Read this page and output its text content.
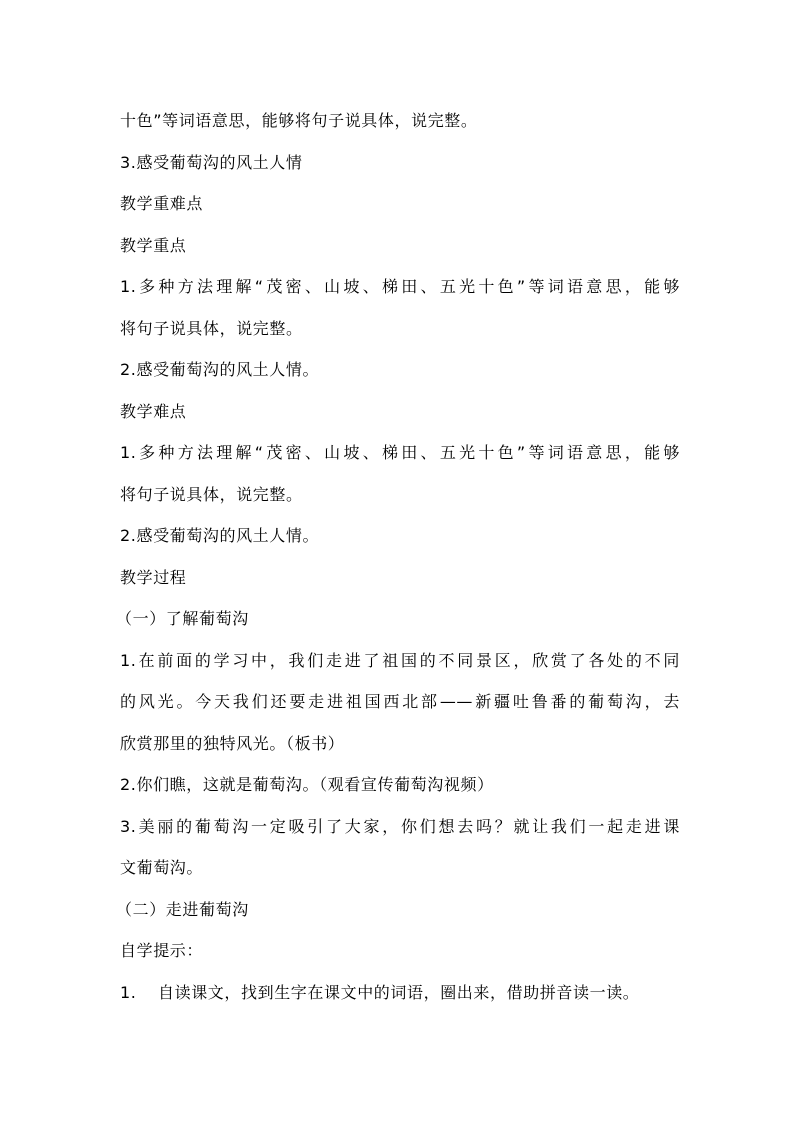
十色”等词语意思，能够将句子说具体，说完整。
3.感受葡萄沟的风土人情
教学重难点
教学重点
1.多种方法理解“茂密、山坡、梯田、五光十色”等词语意思，能够
将句子说具体，说完整。
2.感受葡萄沟的风土人情。
教学难点
1.多种方法理解“茂密、山坡、梯田、五光十色”等词语意思，能够
将句子说具体，说完整。
2.感受葡萄沟的风土人情。
教学过程
（一）了解葡萄沟
1.在前面的学习中，我们走进了祖国的不同景区，欣赏了各处的不同
的风光。今天我们还要走进祖国西北部——新疆吐鲁番的葡萄沟，去
欣赏那里的独特风光。（板书）
2.你们瞧，这就是葡萄沟。（观看宣传葡萄沟视频）
3.美丽的葡萄沟一定吸引了大家，你们想去吗？就让我们一起走进课
文葡萄沟。
（二）走进葡萄沟
自学提示：
1. 自读课文，找到生字在课文中的词语，圈出来，借助拼音读一读。
